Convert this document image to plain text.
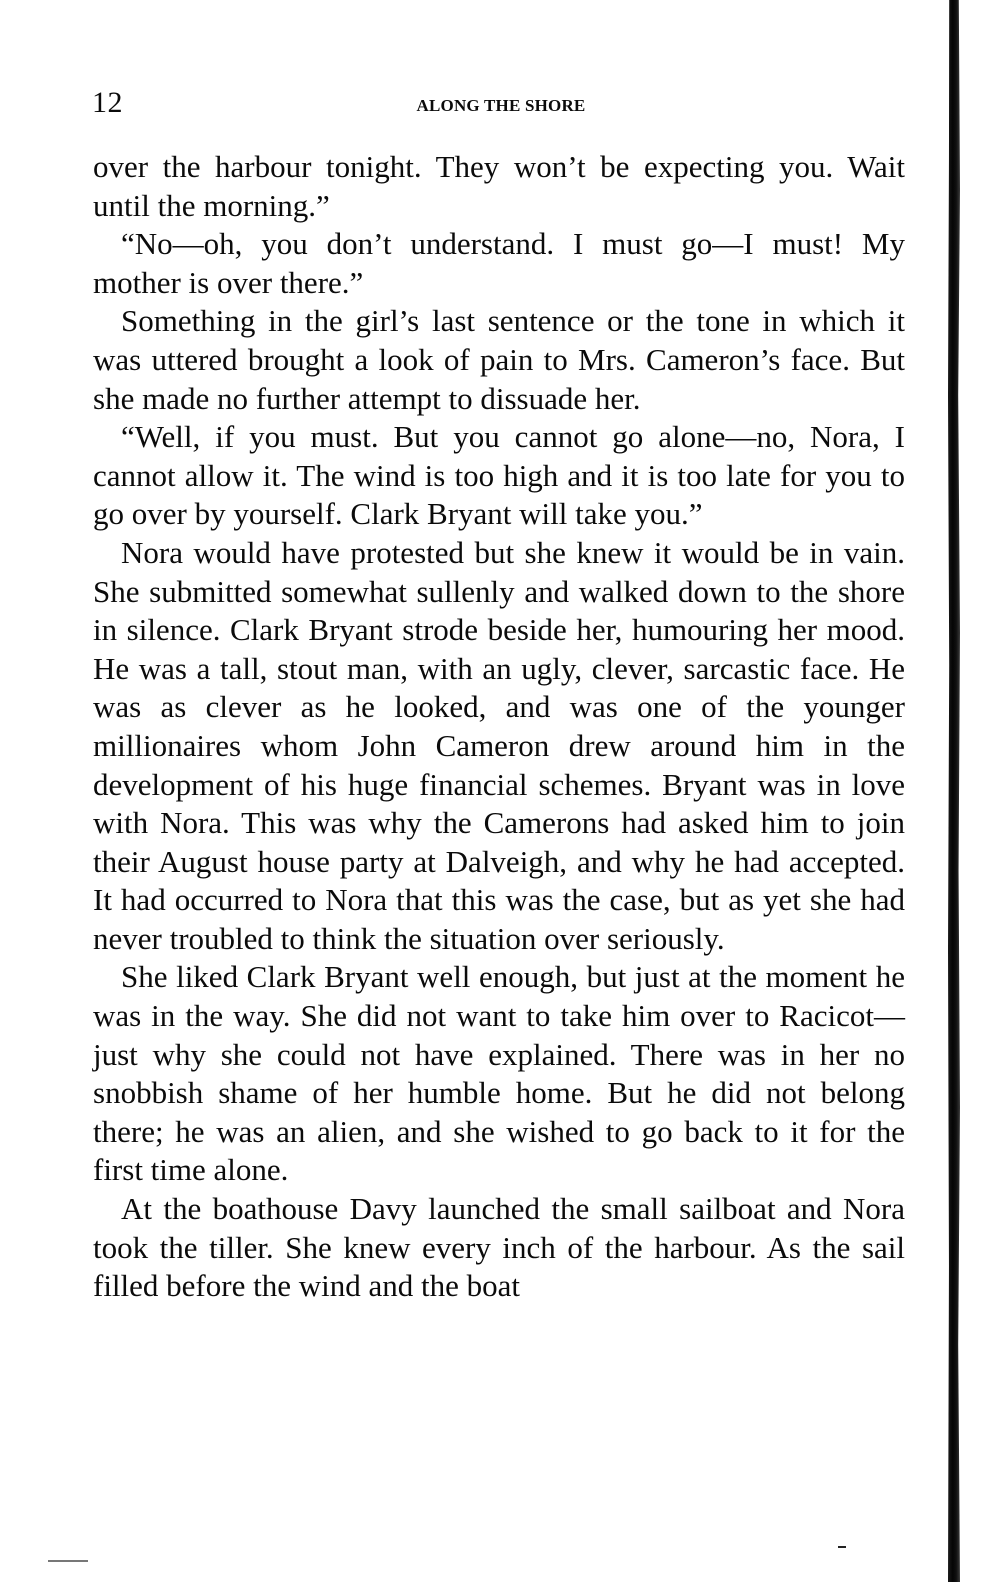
12	ALONG THE SHORE

over the harbour tonight. They won’t be expecting you. Wait until the morning.”

“No—oh, you don’t understand. I must go—I must! My mother is over there.”

Something in the girl’s last sentence or the tone in which it was uttered brought a look of pain to Mrs. Cameron’s face. But she made no further attempt to dissuade her.

“Well, if you must. But you cannot go alone—no, Nora, I cannot allow it. The wind is too high and it is too late for you to go over by yourself. Clark Bryant will take you.”

Nora would have protested but she knew it would be in vain. She submitted somewhat sullenly and walked down to the shore in silence. Clark Bryant strode beside her, humouring her mood. He was a tall, stout man, with an ugly, clever, sarcastic face. He was as clever as he looked, and was one of the younger millionaires whom John Cameron drew around him in the development of his huge financial schemes. Bryant was in love with Nora. This was why the Camerons had asked him to join their August house party at Dalveigh, and why he had accepted. It had occurred to Nora that this was the case, but as yet she had never troubled to think the situation over seriously.

She liked Clark Bryant well enough, but just at the moment he was in the way. She did not want to take him over to Racicot—just why she could not have explained. There was in her no snobbish shame of her humble home. But he did not belong there; he was an alien, and she wished to go back to it for the first time alone.

At the boathouse Davy launched the small sailboat and Nora took the tiller. She knew every inch of the harbour. As the sail filled before the wind and the boat
